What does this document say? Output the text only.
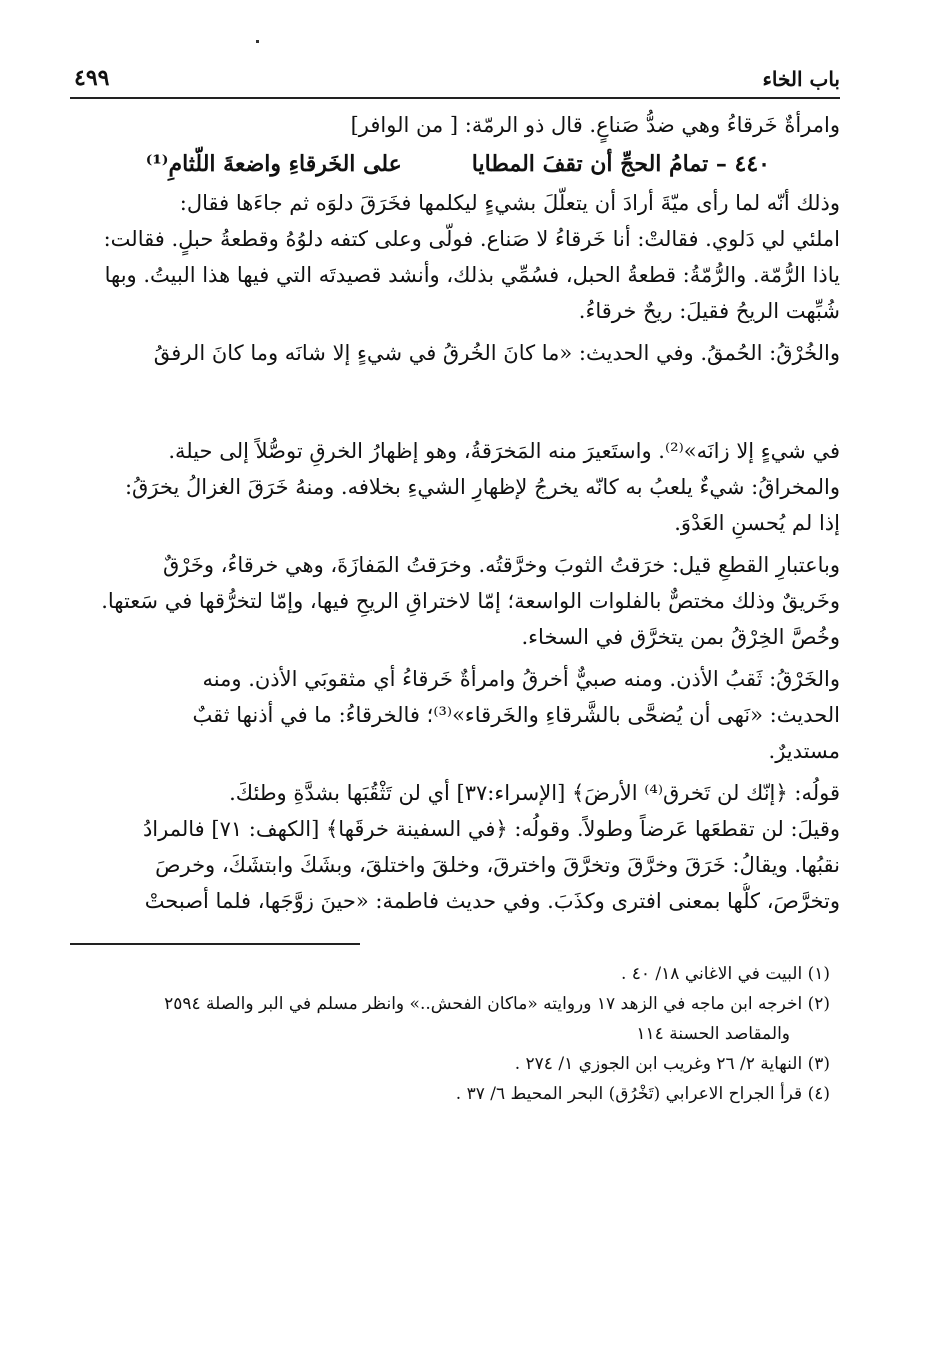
باب الخاء
٤٩٩
وامرأةٌ خَرقاءُ وهي ضدُّ صَناعٍ. قال ذو الرمّة: [ من الوافر]
٤٤٠ – تمامُ الحجِّ أن تقفَ المطايا
على الخَرقاءِ واضعةَ اللّثامِ⁽¹⁾
وذلك أنّه لما رأى ميّةَ أرادَ أن يتعلّلَ بشيءٍ ليكلمها فخَرَقَ دلوَه ثم جاءَها فقال:
املئي لي دَلوي. فقالتْ: أنا خَرقاءُ لا صَناع. فولّى وعلى كتفه دلوُهُ وقطعةُ حبلٍ. فقالت:
ياذا الرُّمّة. والرُّمّةُ: قطعةُ الحبل، فسُمِّي بذلك، وأنشد قصيدتَه التي فيها هذا البيتُ. وبها
شُبِّهت الريحُ فقيلَ: ريحٌ خرقاءُ.
والخُرْقُ: الحُمقُ. وفي الحديث: «ما كانَ الخُرقُ في شيءٍ إلا شانَه وما كانَ الرفقُ
في شيءٍ إلا زانَه»⁽²⁾. واستَعيرَ منه المَخرَقةُ، وهو إظهارُ الخرقِ توصُّلاً إلى حيلة.
والمخراقُ: شيءٌ يلعبُ به كانّه يخرجُ لإظهارِ الشيءِ بخلافه. ومنهُ خَرَقَ الغزالُ يخرَقُ:
إذا لم يُحسنِ العَدْوَ.
وباعتبارِ القطعِ قيل: خرَقتُ الثوبَ وخرَّقتُه. وخرَقتُ المَفازَةَ، وهي خرقاءُ، وخَرْقٌ
وخَريقٌ وذلك مختصٌّ بالفلوات الواسعة؛ إمّا لاختراقِ الريحِ فيها، وإمّا لتخرُّقها في سَعتها.
وخُصَّ الخِرْقُ بمن يتخرَّق في السخاء.
والخَرْقُ: ثَقبُ الأذن. ومنه صبيٌّ أخرقُ وامرأةٌ خَرقاءُ أي مثقوبَي الأذن. ومنه
الحديث: «نَهى أن يُضحَّى بالشَّرقاءِ والخَرقاء»⁽³⁾؛ فالخرقاءُ: ما في أذنها ثقبٌ
مستديرٌ.
قولُه: ﴿إنّك لن تَخرق⁽⁴⁾ الأرضَ﴾ [الإسراء:٣٧] أي لن تَثْقُبَها بشدَّةِ وطئكَ.
وقيلَ: لن تقطعَها عَرضاً وطولاً. وقولُه: ﴿في السفينة خرقَها﴾ [الكهف: ٧١] فالمرادُ
نقبُها. ويقالُ: خَرَقَ وخرَّقَ وتخرَّقَ واخترقَ، وخلقَ واختلقَ، وبشَكَ وابتشَكَ، وخرصَ
وتخرَّصَ، كلُّها بمعنى افترى وكذَبَ. وفي حديث فاطمة: «حينَ زوَّجَها، فلما أصبحتْ
(١) البيت في الاغاني ١٨/ ٤٠ .
(٢) اخرجه ابن ماجه في الزهد ١٧ وروايته «ماكان الفحش..» وانظر مسلم في البر والصلة ٢٥٩٤
والمقاصد الحسنة ١١٤
(٣) النهاية ٢/ ٢٦ وغريب ابن الجوزي ١/ ٢٧٤ .
(٤) قرأ الجراح الاعرابي (تَخْرُق) البحر المحيط ٦/ ٣٧ .
